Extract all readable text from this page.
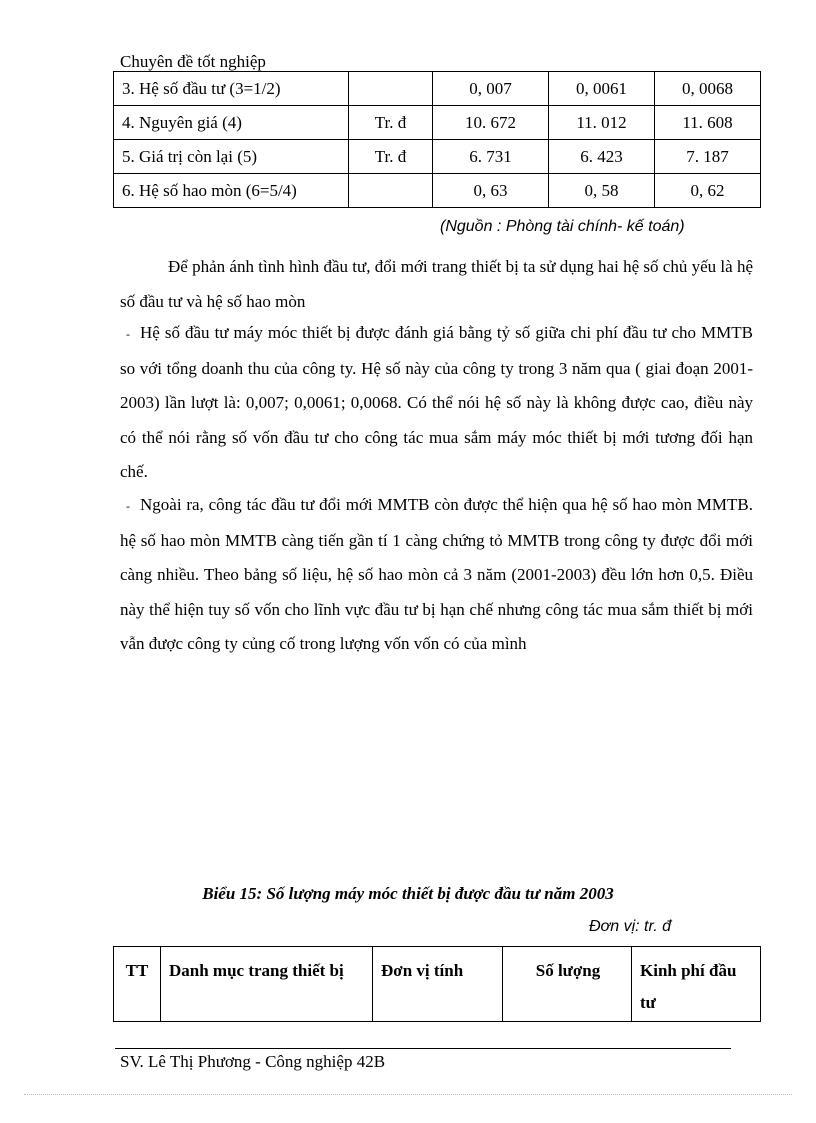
Chuyên đề tốt nghiệp
3. Hệ số đầu tư (3=1/2)		0, 007	0, 0061	0, 0068
4. Nguyên giá (4)	Tr. đ	10. 672	11. 012	11. 608
5. Giá trị còn lại (5)	Tr. đ	6. 731	6. 423	7. 187
6. Hệ số hao mòn (6=5/4)		0, 63	0, 58	0, 62
(Nguồn : Phòng tài chính- kế toán)

Để phản ánh tình hình đầu tư, đổi mới trang thiết bị ta sử dụng hai hệ số chủ yếu là hệ số đầu tư và hệ số hao mòn

- Hệ số đầu tư máy móc thiết bị được đánh giá bằng tỷ số giữa chi phí đầu tư cho MMTB so với tổng doanh thu của công ty. Hệ số này của công ty trong 3 năm qua ( giai đoạn 2001-2003) lần lượt là: 0,007; 0,0061; 0,0068. Có thể nói hệ số này là không được cao, điều này có thể nói rằng số vốn đầu tư cho công tác mua sắm máy móc thiết bị mới tương đối hạn chế.

- Ngoài ra, công tác đầu tư đổi mới MMTB còn được thể hiện qua hệ số hao mòn MMTB. hệ số hao mòn MMTB càng tiến gần tí 1 càng chứng tỏ MMTB trong công ty được đổi mới càng nhiều. Theo bảng số liệu, hệ số hao mòn cả 3 năm (2001-2003) đều lớn hơn 0,5. Điều này thể hiện tuy số vốn cho lĩnh vực đầu tư bị hạn chế nhưng công tác mua sắm thiết bị mới vẫn được công ty củng cố trong lượng vốn vốn có của mình

Biểu 15: Số lượng máy móc thiết bị được đầu tư năm 2003
Đơn vị: tr. đ
TT	Danh mục trang thiết bị	Đơn vị tính	Số lượng	Kinh phí đầu tư
SV. Lê Thị Phương - Công nghiệp 42B
